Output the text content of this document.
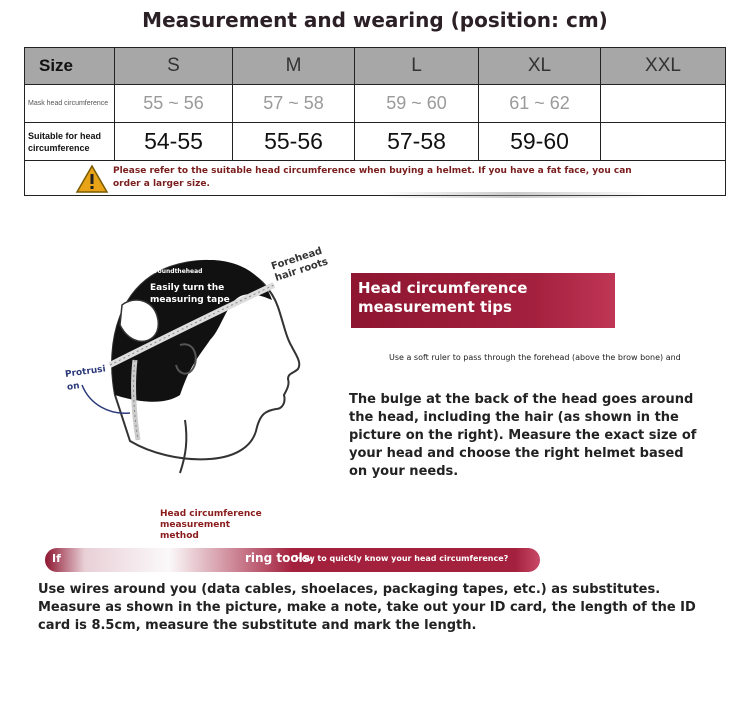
Measurement and wearing (position: cm)
Size	S	M	L	XL	XXL
Mask head circumference	55 ~ 56	57 ~ 58	59 ~ 60	61 ~ 62	
Suitable for head circumference	54-55	55-56	57-58	59-60	

Please refer to the suitable head circumference when buying a helmet. If you have a fat face, you can order a larger size.					
Aroundthehead
Easily turn the measuring tape
Forehead hair roots
Protrusi on
Head circumference measurement method
Head circumference measurement tips
Use a soft ruler to pass through the forehead (above the brow bone) and
The bulge at the back of the head goes around the head, including the hair (as shown in the picture on the right). Measure the exact size of your head and choose the right helmet based on your needs.
If	ring tools,
How to quickly know your head circumference?
Use wires around you (data cables, shoelaces, packaging tapes, etc.) as substitutes. Measure as shown in the picture, make a note, take out your ID card, the length of the ID card is 8.5cm, measure the substitute and mark the length.
